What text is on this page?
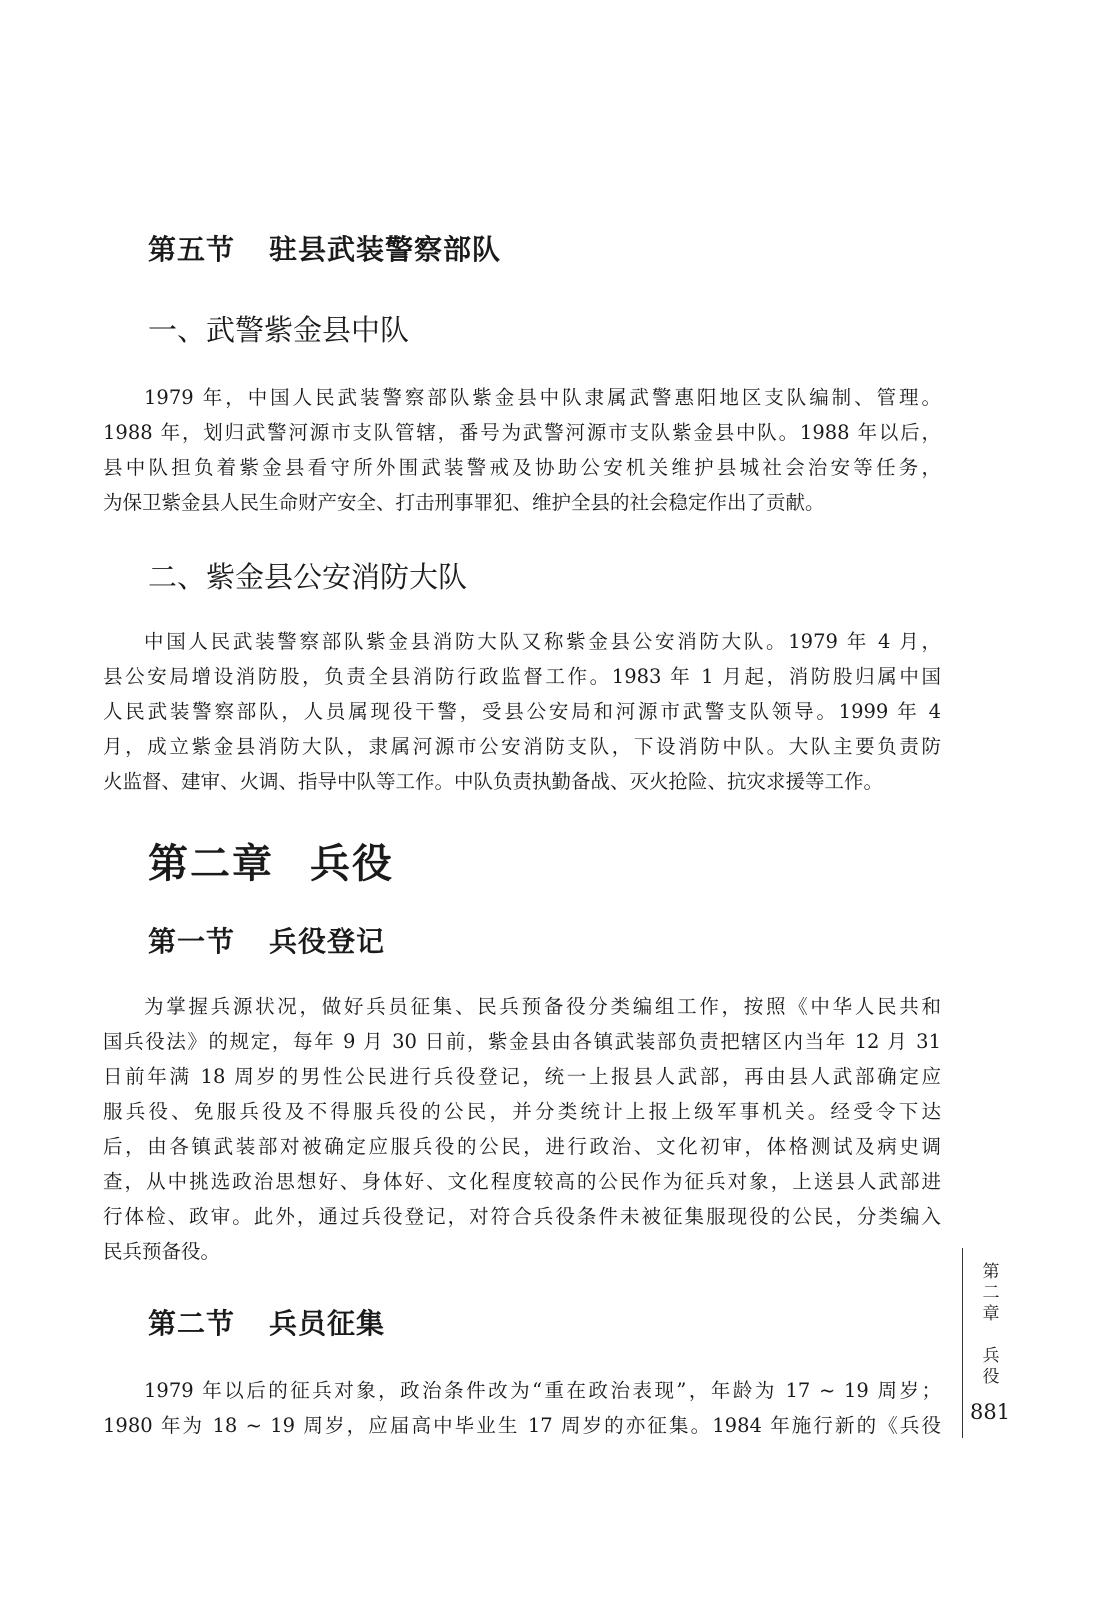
第五节 驻县武装警察部队
一、武警紫金县中队
1979 年，中国人民武装警察部队紫金县中队隶属武警惠阳地区支队编制、管理。
1988 年，划归武警河源市支队管辖，番号为武警河源市支队紫金县中队。1988 年以后，
县中队担负着紫金县看守所外围武装警戒及协助公安机关维护县城社会治安等任务，
为保卫紫金县人民生命财产安全、打击刑事罪犯、维护全县的社会稳定作出了贡献。
二、紫金县公安消防大队
中国人民武装警察部队紫金县消防大队又称紫金县公安消防大队。1979 年 4 月，
县公安局增设消防股，负责全县消防行政监督工作。1983 年 1 月起，消防股归属中国
人民武装警察部队，人员属现役干警，受县公安局和河源市武警支队领导。1999 年 4
月，成立紫金县消防大队，隶属河源市公安消防支队，下设消防中队。大队主要负责防
火监督、建审、火调、指导中队等工作。中队负责执勤备战、灭火抢险、抗灾求援等工作。
第二章 兵役
第一节 兵役登记
为掌握兵源状况，做好兵员征集、民兵预备役分类编组工作，按照《中华人民共和
国兵役法》的规定，每年 9 月 30 日前，紫金县由各镇武装部负责把辖区内当年 12 月 31
日前年满 18 周岁的男性公民进行兵役登记，统一上报县人武部，再由县人武部确定应
服兵役、免服兵役及不得服兵役的公民，并分类统计上报上级军事机关。经受令下达
后，由各镇武装部对被确定应服兵役的公民，进行政治、文化初审，体格测试及病史调
查，从中挑选政治思想好、身体好、文化程度较高的公民作为征兵对象，上送县人武部进
行体检、政审。此外，通过兵役登记，对符合兵役条件未被征集服现役的公民，分类编入
民兵预备役。
第二节 兵员征集
1979 年以后的征兵对象，政治条件改为“重在政治表现”，年龄为 17 ~ 19 周岁；
1980 年为 18 ~ 19 周岁，应届高中毕业生 17 周岁的亦征集。1984 年施行新的《兵役
第
二
章

兵
役
881
